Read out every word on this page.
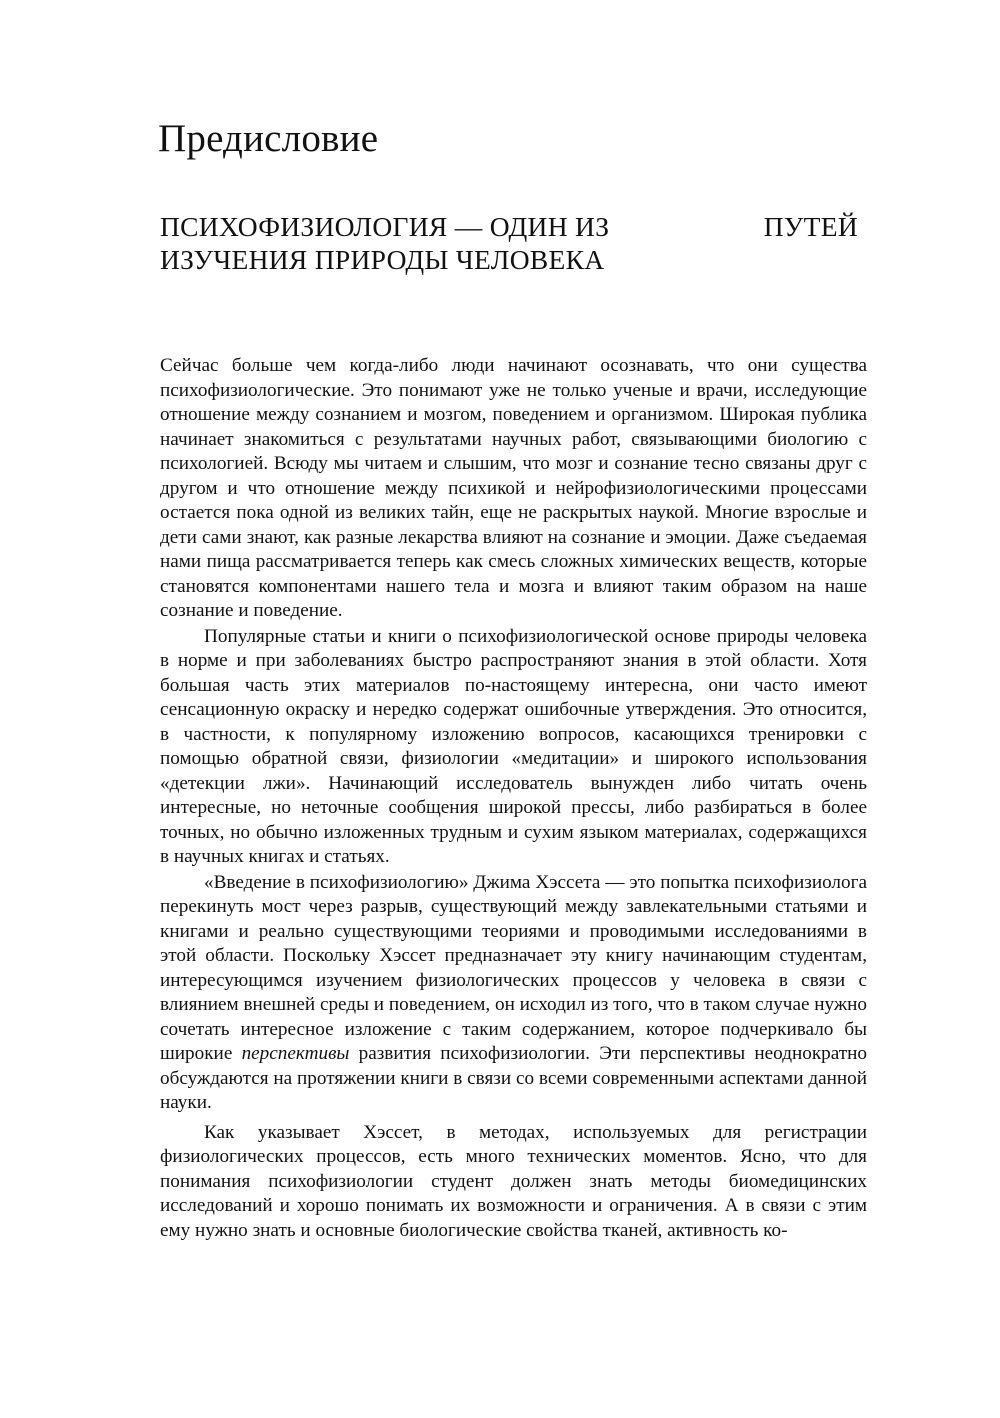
Предисловие
ПСИХОФИЗИОЛОГИЯ — ОДИН ИЗ	ПУТЕЙ
ИЗУЧЕНИЯ ПРИРОДЫ ЧЕЛОВЕКА

Сейчас больше чем когда-либо люди начинают осознавать, что они существа психофизиологические. Это понимают уже не только ученые и врачи, исследующие отношение между сознанием и мозгом, поведением и организмом. Широкая публика начинает знакомиться с результатами научных работ, связывающими биологию с психологией. Всюду мы читаем и слышим, что мозг и сознание тесно связаны друг с другом и что отношение между психикой и нейрофизиологическими процессами остается пока одной из великих тайн, еще не раскрытых наукой. Многие взрослые и дети сами знают, как разные лекарства влияют на сознание и эмоции. Даже съедаемая нами пища рассматривается теперь как смесь сложных химических веществ, которые становятся компонентами нашего тела и мозга и влияют таким образом на наше сознание и поведение.

Популярные статьи и книги о психофизиологической основе природы человека в норме и при заболеваниях быстро распространяют знания в этой области. Хотя большая часть этих материалов по-настоящему интересна, они часто имеют сенсационную окраску и нередко содержат ошибочные утверждения. Это относится, в частности, к популярному изложению вопросов, касающихся тренировки с помощью обратной связи, физиологии «медитации» и широкого использования «детекции лжи». Начинающий исследователь вынужден либо читать очень интересные, но неточные сообщения широкой прессы, либо разбираться в более точных, но обычно изложенных трудным и сухим языком материалах, содержащихся в научных книгах и статьях.

«Введение в психофизиологию» Джима Хэссета — это попытка психофизиолога перекинуть мост через разрыв, существующий между завлекательными статьями и книгами и реально существующими теориями и проводимыми исследованиями в этой области. Поскольку Хэссет предназначает эту книгу начинающим студентам, интересующимся изучением физиологических процессов у человека в связи с влиянием внешней среды и поведением, он исходил из того, что в таком случае нужно сочетать интересное изложение с таким содержанием, которое подчеркивало бы широкие перспективы развития психофизиологии. Эти перспективы неоднократно обсуждаются на протяжении книги в связи со всеми современными аспектами данной науки.

Как указывает Хэссет, в методах, используемых для регистрации физиологических процессов, есть много технических моментов. Ясно, что для понимания психофизиологии студент должен знать методы биомедицинских исследований и хорошо понимать их возможности и ограничения. А в связи с этим ему нужно знать и основные биологические свойства тканей, активность ко-
